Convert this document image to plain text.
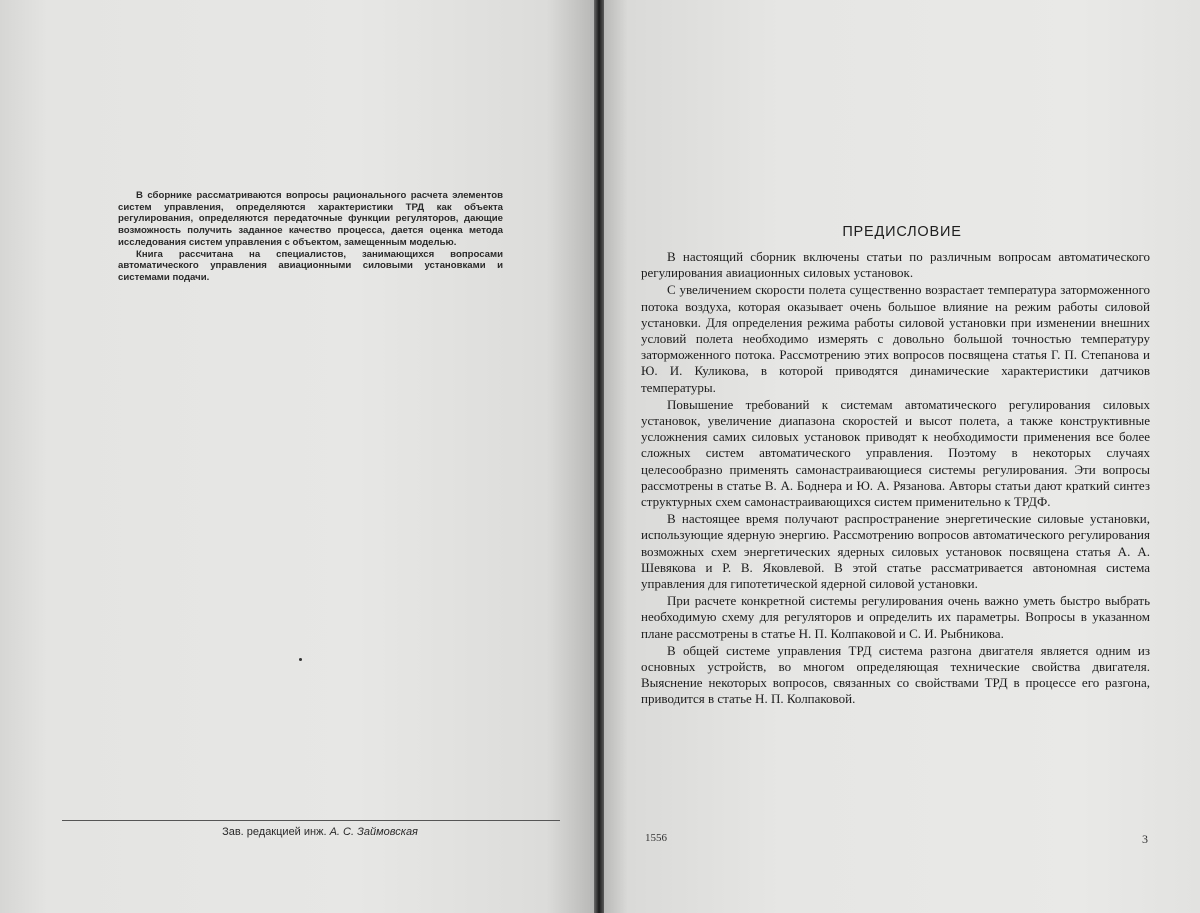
В сборнике рассматриваются вопросы рационального расчета элементов систем управления, определяются характеристики ТРД как объекта регулирования, определяются передаточные функции регуляторов, дающие возможность получить заданное качество процесса, дается оценка метода исследования систем управления с объектом, замещенным моделью.

Книга рассчитана на специалистов, занимающихся вопросами автоматического управления авиационными силовыми установками и системами подачи.

Зав. редакцией инж. А. С. Займовская
ПРЕДИСЛОВИЕ

В настоящий сборник включены статьи по различным вопросам автоматического регулирования авиационных силовых установок.

С увеличением скорости полета существенно возрастает температура заторможенного потока воздуха, которая оказывает очень большое влияние на режим работы силовой установки. Для определения режима работы силовой установки при изменении внешних условий полета необходимо измерять с довольно большой точностью температуру заторможенного потока. Рассмотрению этих вопросов посвящена статья Г. П. Степанова и Ю. И. Куликова, в которой приводятся динамические характеристики датчиков температуры.

Повышение требований к системам автоматического регулирования силовых установок, увеличение диапазона скоростей и высот полета, а также конструктивные усложнения самих силовых установок приводят к необходимости применения все более сложных систем автоматического управления. Поэтому в некоторых случаях целесообразно применять самонастраивающиеся системы регулирования. Эти вопросы рассмотрены в статье В. А. Боднера и Ю. А. Рязанова. Авторы статьи дают краткий синтез структурных схем самонастраивающихся систем применительно к ТРДФ.

В настоящее время получают распространение энергетические силовые установки, использующие ядерную энергию. Рассмотрению вопросов автоматического регулирования возможных схем энергетических ядерных силовых установок посвящена статья А. А. Шевякова и Р. В. Яковлевой. В этой статье рассматривается автономная система управления для гипотетической ядерной силовой установки.

При расчете конкретной системы регулирования очень важно уметь быстро выбрать необходимую схему для регуляторов и определить их параметры. Вопросы в указанном плане рассмотрены в статье Н. П. Колпаковой и С. И. Рыбникова.

В общей системе управления ТРД система разгона двигателя является одним из основных устройств, во многом определяющая технические свойства двигателя. Выяснение некоторых вопросов, связанных со свойствами ТРД в процессе его разгона, приводится в статье Н. П. Колпаковой.

1556	3
